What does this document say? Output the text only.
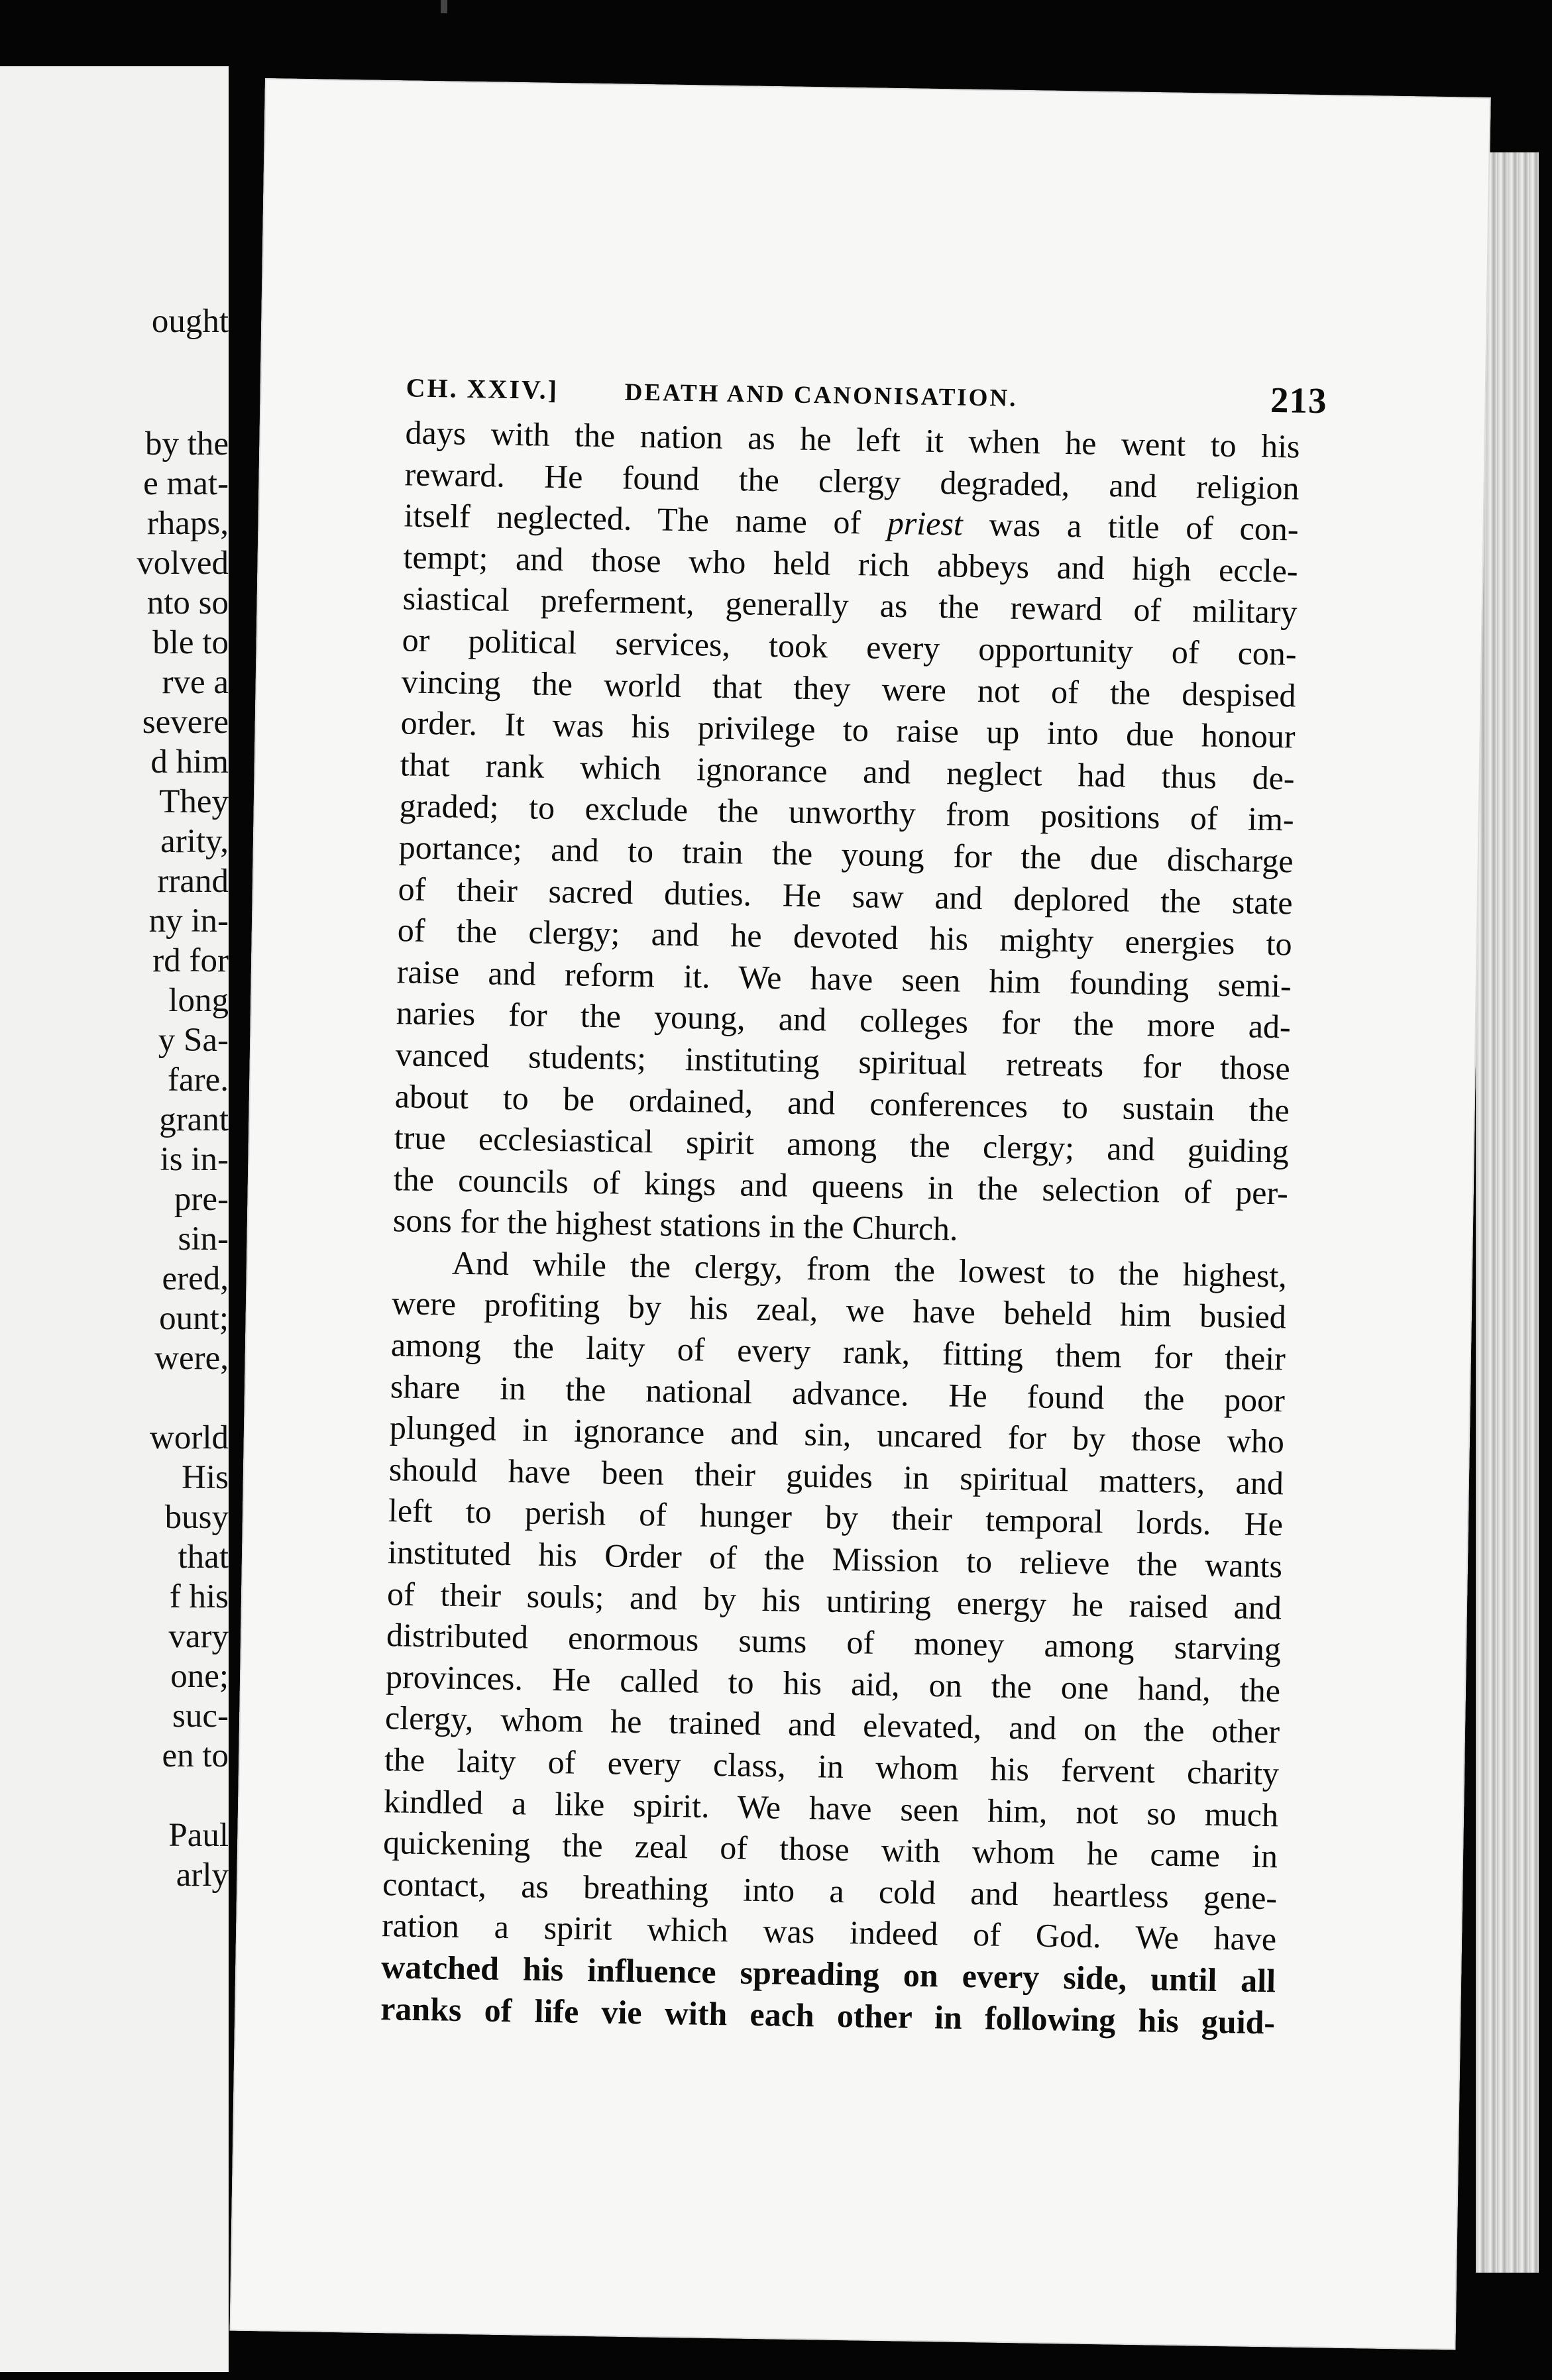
ought
by the
e mat-
rhaps,
volved
nto so
ble to
rve a
severe
d him
They
arity,
rrand
ny in-
rd for
long
y Sa-
fare.
grant
is in-
pre-
sin-
ered,
ount;
were,
world
His
busy
that
f his
vary
one;
suc-
en to
Paul
arly
CH. XXIV.]	DEATH AND CANONISATION.	213
days with the nation as he left it when he went to his
reward. He found the clergy degraded, and religion
itself neglected. The name of priest was a title of con-
tempt; and those who held rich abbeys and high eccle-
siastical preferment, generally as the reward of military
or political services, took every opportunity of con-
vincing the world that they were not of the despised
order. It was his privilege to raise up into due honour
that rank which ignorance and neglect had thus de-
graded; to exclude the unworthy from positions of im-
portance; and to train the young for the due discharge
of their sacred duties. He saw and deplored the state
of the clergy; and he devoted his mighty energies to
raise and reform it. We have seen him founding semi-
naries for the young, and colleges for the more ad-
vanced students; instituting spiritual retreats for those
about to be ordained, and conferences to sustain the
true ecclesiastical spirit among the clergy; and guiding
the councils of kings and queens in the selection of per-
sons for the highest stations in the Church.
And while the clergy, from the lowest to the highest,
were profiting by his zeal, we have beheld him busied
among the laity of every rank, fitting them for their
share in the national advance. He found the poor
plunged in ignorance and sin, uncared for by those who
should have been their guides in spiritual matters, and
left to perish of hunger by their temporal lords. He
instituted his Order of the Mission to relieve the wants
of their souls; and by his untiring energy he raised and
distributed enormous sums of money among starving
provinces. He called to his aid, on the one hand, the
clergy, whom he trained and elevated, and on the other
the laity of every class, in whom his fervent charity
kindled a like spirit. We have seen him, not so much
quickening the zeal of those with whom he came in
contact, as breathing into a cold and heartless gene-
ration a spirit which was indeed of God. We have
watched his influence spreading on every side, until all
ranks of life vie with each other in following his guid-
